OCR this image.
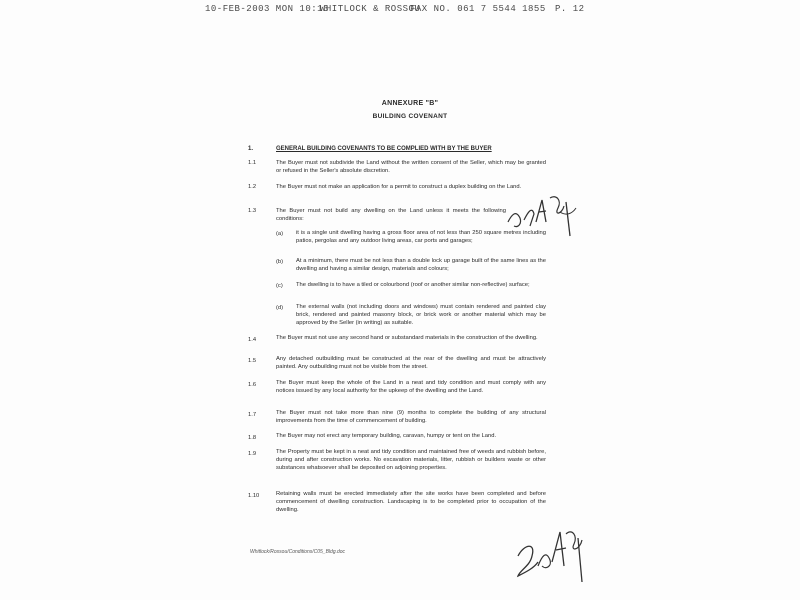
10-FEB-2003 MON 10:13
WHITLOCK & ROSSOU
FAX NO. 061 7 5544 1855 P. 12
ANNEXURE "B"
BUILDING COVENANT
1.	GENERAL BUILDING COVENANTS TO BE COMPLIED WITH BY THE BUYER
1.1	The Buyer must not subdivide the Land without the written consent of the Seller, which may be granted or refused in the Seller's absolute discretion.
1.2	The Buyer must not make an application for a permit to construct a duplex building on the Land.
1.3	The Buyer must not build any dwelling on the Land unless it meets the following conditions:
(a) it is a single unit dwelling having a gross floor area of not less than 250 square metres including patios, pergolas and any outdoor living areas, car ports and garages;
(b) At a minimum, there must be not less than a double lock up garage built of the same lines as the dwelling and having a similar design, materials and colours;
(c) The dwelling is to have a tiled or colourbond (roof or another similar non-reflective) surface;
(d) The external walls (not including doors and windows) must contain rendered and painted clay brick, rendered and painted masonry block, or brick work or another material which may be approved by the Seller (in writing) as suitable.
1.4	The Buyer must not use any second hand or substandard materials in the construction of the dwelling.
1.5	Any detached outbuilding must be constructed at the rear of the dwelling and must be attractively painted. Any outbuilding must not be visible from the street.
1.6	The Buyer must keep the whole of the Land in a neat and tidy condition and must comply with any notices issued by any local authority for the upkeep of the dwelling and the Land.
1.7	The Buyer must not take more than nine (9) months to complete the building of any structural improvements from the time of commencement of building.
1.8	The Buyer may not erect any temporary building, caravan, humpy or tent on the Land.
1.9	The Property must be kept in a neat and tidy condition and maintained free of weeds and rubbish before, during and after construction works. No excavation materials, litter, rubbish or builders waste or other substances whatsoever shall be deposited on adjoining properties.
1.10	Retaining walls must be erected immediately after the site works have been completed and before commencement of dwelling construction. Landscaping is to be completed prior to occupation of the dwelling.
Whitlock/Rossou/Conditions/C05_Bldg.doc
